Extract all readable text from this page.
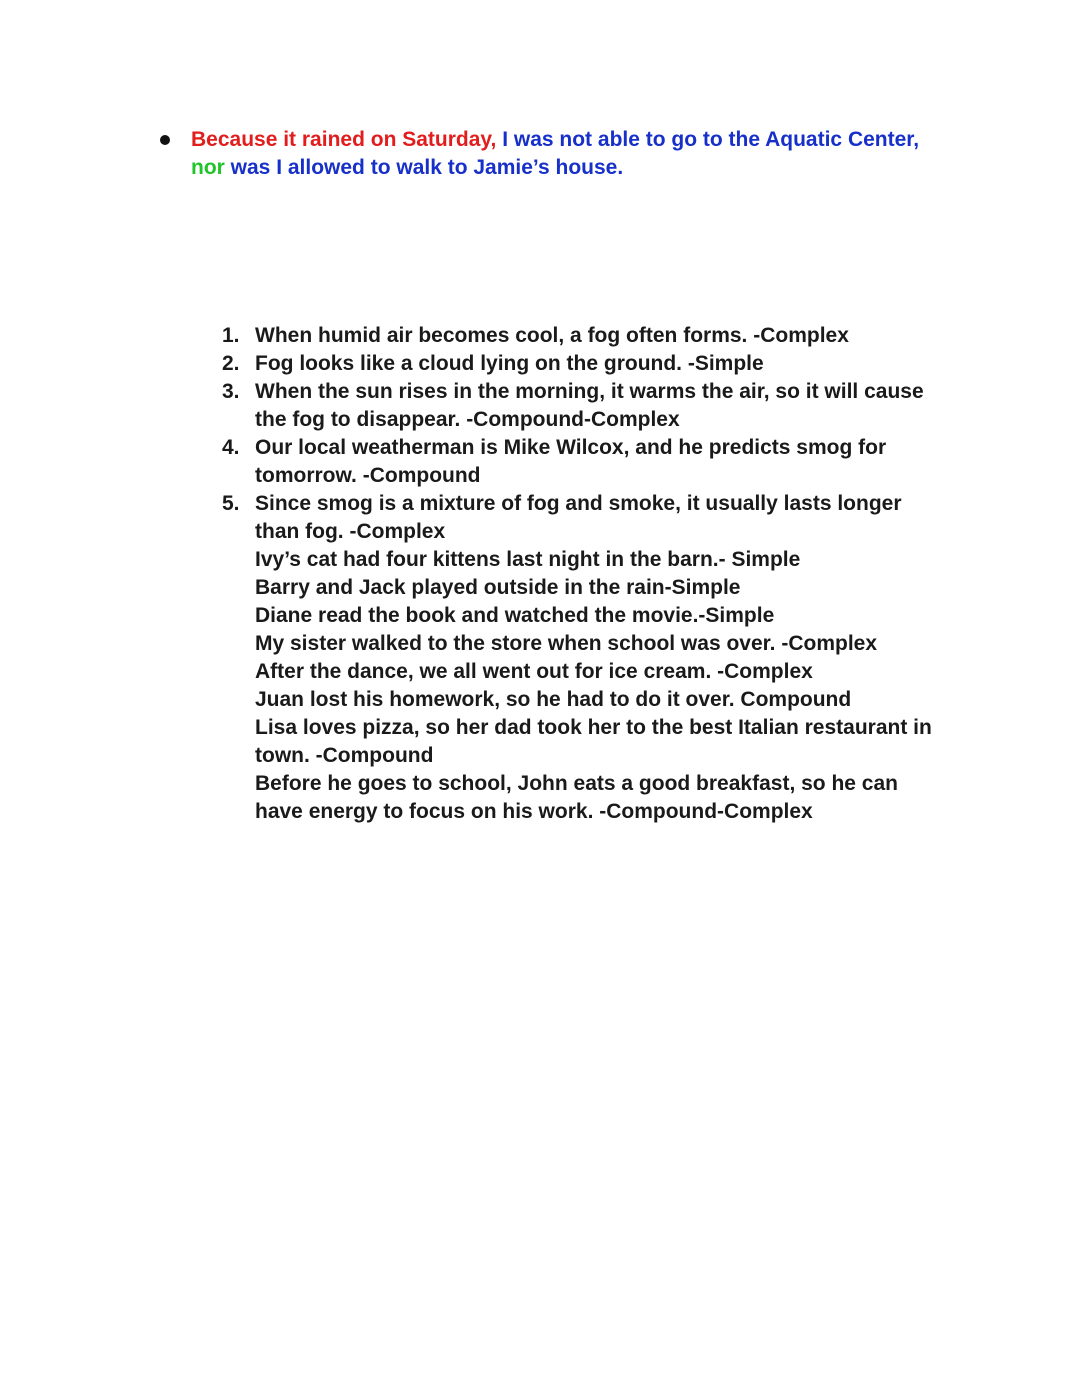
Because it rained on Saturday, I was not able to go to the Aquatic Center,
nor was I allowed to walk to Jamie’s house.
1. When humid air becomes cool, a fog often forms. -Complex
2. Fog looks like a cloud lying on the ground. -Simple
3. When the sun rises in the morning, it warms the air, so it will cause
the fog to disappear. -Compound-Complex
4. Our local weatherman is Mike Wilcox, and he predicts smog for
tomorrow. -Compound
5. Since smog is a mixture of fog and smoke, it usually lasts longer
than fog. -Complex
Ivy’s cat had four kittens last night in the barn.- Simple
Barry and Jack played outside in the rain-Simple
Diane read the book and watched the movie.-Simple
My sister walked to the store when school was over. -Complex
After the dance, we all went out for ice cream. -Complex
Juan lost his homework, so he had to do it over. Compound
Lisa loves pizza, so her dad took her to the best Italian restaurant in
town. -Compound
Before he goes to school, John eats a good breakfast, so he can
have energy to focus on his work. -Compound-Complex
